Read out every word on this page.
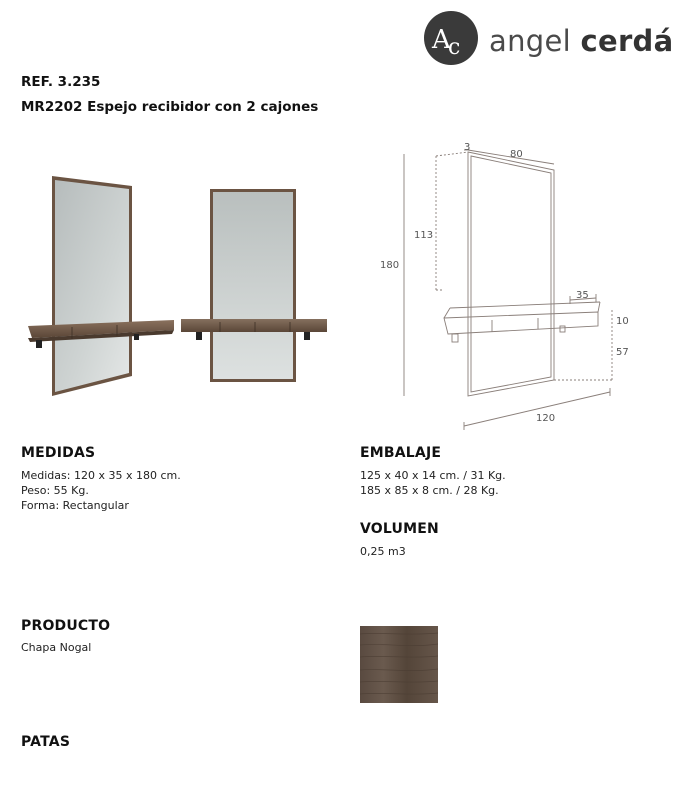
A
c angel cerdá
REF. 3.235
MR2202 Espejo recibidor con 2 cajones
3
80
113
180
35
10
57
120
MEDIDAS
Medidas: 120 x 35 x 180 cm.
Peso: 55 Kg.
Forma: Rectangular
EMBALAJE
125 x 40 x 14 cm. / 31 Kg.
185 x 85 x 8 cm. / 28 Kg.
VOLUMEN
0,25 m3
PRODUCTO
Chapa Nogal
PATAS
